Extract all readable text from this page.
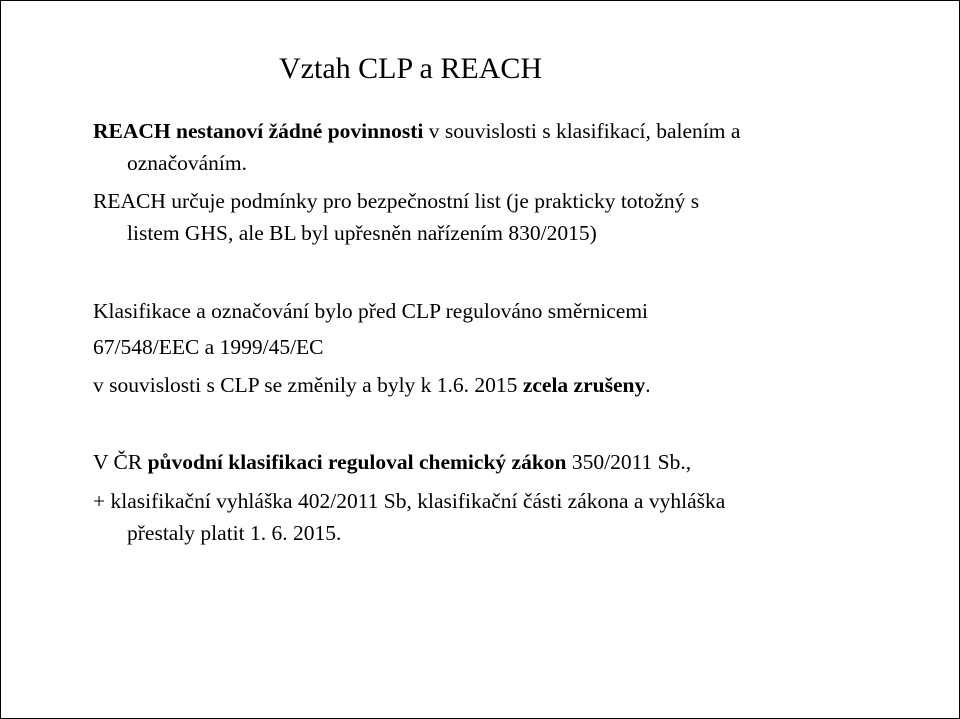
Vztah CLP a REACH
REACH nestanoví žádné povinnosti v souvislosti s klasifikací, balením a
označováním.
REACH určuje podmínky pro bezpečnostní list (je prakticky totožný s
listem GHS, ale BL byl upřesněn nařízením 830/2015)
Klasifikace a označování bylo před CLP regulováno směrnicemi
67/548/EEC a 1999/45/EC
v souvislosti s CLP se změnily a byly k 1.6. 2015 zcela zrušeny.
V ČR původní klasifikaci reguloval chemický zákon 350/2011 Sb.,
+ klasifikační vyhláška 402/2011 Sb, klasifikační části zákona a vyhláška
přestaly platit 1. 6. 2015.
